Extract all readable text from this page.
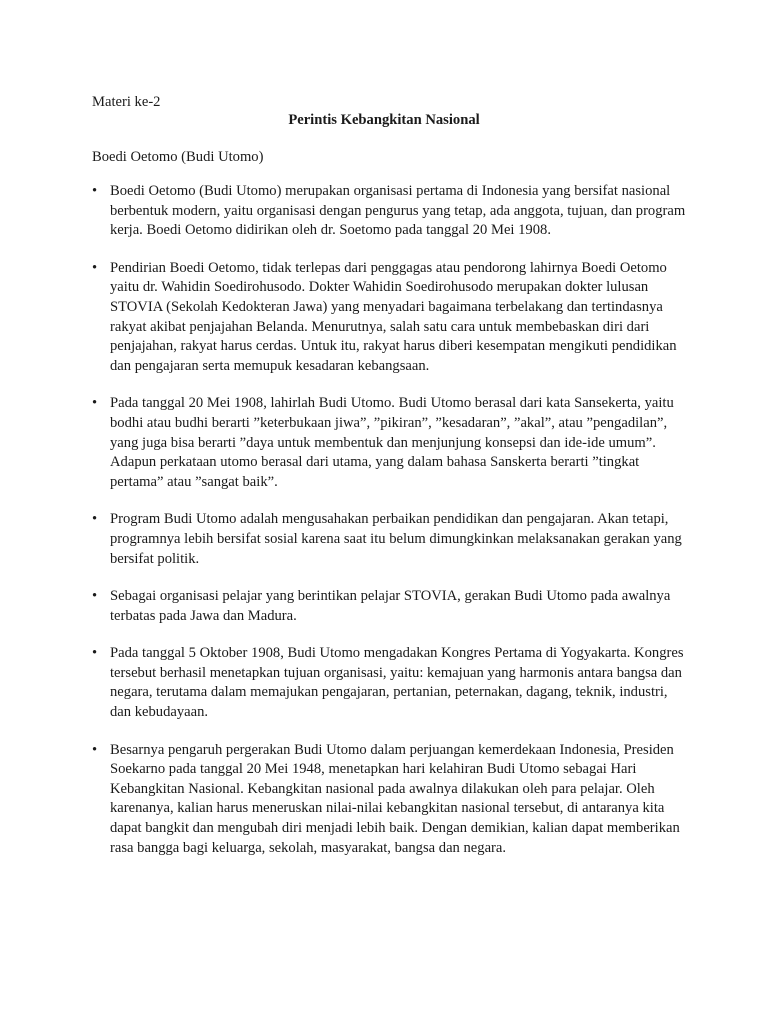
Materi ke-2
Perintis Kebangkitan Nasional
Boedi Oetomo (Budi Utomo)
• Boedi Oetomo (Budi Utomo) merupakan organisasi pertama di Indonesia yang bersifat nasional berbentuk modern, yaitu organisasi dengan pengurus yang tetap, ada anggota, tujuan, dan program kerja. Boedi Oetomo didirikan oleh dr. Soetomo pada tanggal 20 Mei 1908.
• Pendirian Boedi Oetomo, tidak terlepas dari penggagas atau pendorong lahirnya Boedi Oetomo yaitu dr. Wahidin Soedirohusodo. Dokter Wahidin Soedirohusodo merupakan dokter lulusan STOVIA (Sekolah Kedokteran Jawa) yang menyadari bagaimana terbelakang dan tertindasnya rakyat akibat penjajahan Belanda. Menurutnya, salah satu cara untuk membebaskan diri dari penjajahan, rakyat harus cerdas. Untuk itu, rakyat harus diberi kesempatan mengikuti pendidikan dan pengajaran serta memupuk kesadaran kebangsaan.
• Pada tanggal 20 Mei 1908, lahirlah Budi Utomo. Budi Utomo berasal dari kata Sansekerta, yaitu bodhi atau budhi berarti ”keterbukaan jiwa”, ”pikiran”, ”kesadaran”, ”akal”, atau ”pengadilan”, yang juga bisa berarti ”daya untuk membentuk dan menjunjung konsepsi dan ide-ide umum”. Adapun perkataan utomo berasal dari utama, yang dalam bahasa Sanskerta berarti ”tingkat pertama” atau ”sangat baik”.
• Program Budi Utomo adalah mengusahakan perbaikan pendidikan dan pengajaran. Akan tetapi, programnya lebih bersifat sosial karena saat itu belum dimungkinkan melaksanakan gerakan yang bersifat politik.
• Sebagai organisasi pelajar yang berintikan pelajar STOVIA, gerakan Budi Utomo pada awalnya terbatas pada Jawa dan Madura.
• Pada tanggal 5 Oktober 1908, Budi Utomo mengadakan Kongres Pertama di Yogyakarta. Kongres tersebut berhasil menetapkan tujuan organisasi, yaitu: kemajuan yang harmonis antara bangsa dan negara, terutama dalam memajukan pengajaran, pertanian, peternakan, dagang, teknik, industri, dan kebudayaan.
• Besarnya pengaruh pergerakan Budi Utomo dalam perjuangan kemerdekaan Indonesia, Presiden Soekarno pada tanggal 20 Mei 1948, menetapkan hari kelahiran Budi Utomo sebagai Hari Kebangkitan Nasional. Kebangkitan nasional pada awalnya dilakukan oleh para pelajar. Oleh karenanya, kalian harus meneruskan nilai-nilai kebangkitan nasional tersebut, di antaranya kita dapat bangkit dan mengubah diri menjadi lebih baik. Dengan demikian, kalian dapat memberikan rasa bangga bagi keluarga, sekolah, masyarakat, bangsa dan negara.
